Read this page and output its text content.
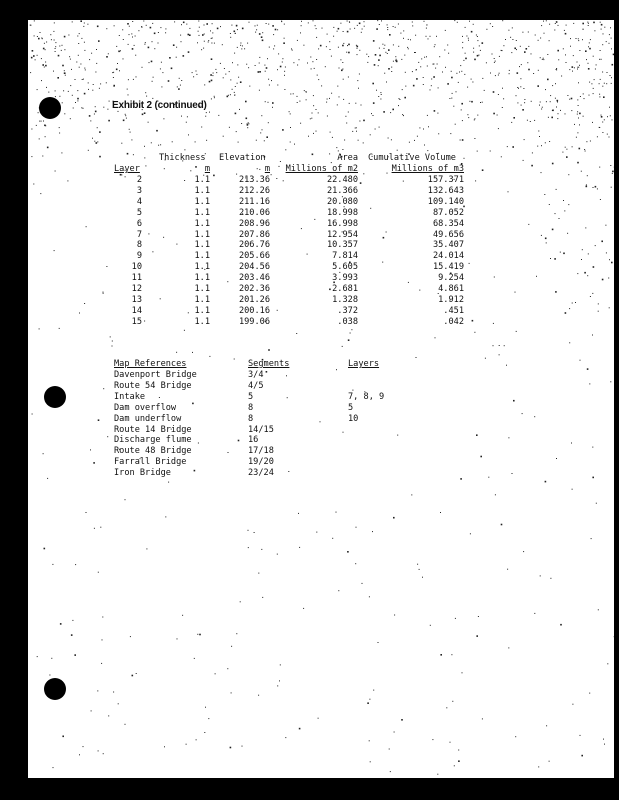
Exhibit 2 (continued)
Thickness Elevation	Area Cumulative Volume
Layer	m	m	Millions of m2	Millions of m3
2	1.1	213.36	22.480	157.371
3	1.1	212.26	21.366	132.643
4	1.1	211.16	20.080	109.140
5	1.1	210.06	18.998	87.052
6	1.1	208.96	16.998	68.354
7	1.1	207.86	12.954	49.656
8	1.1	206.76	10.357	35.407
9	1.1	205.66	7.814	24.014
10	1.1	204.56	5.605	15.419
11	1.1	203.46	3.993	9.254
12	1.1	202.36	2.681	4.861
13	1.1	201.26	1.328	1.912
14	1.1	200.16	.372	.451
15	1.1	199.06	.038	.042
Map References	Segments	Layers
Davenport Bridge	3/4
Route 54 Bridge	4/5
Intake	5	7, 8, 9
Dam overflow	8	5
Dam underflow	8	10
Route 14 Bridge	14/15
Discharge flume	16
Route 48 Bridge	17/18
Farrall Bridge	19/20
Iron Bridge	23/24
